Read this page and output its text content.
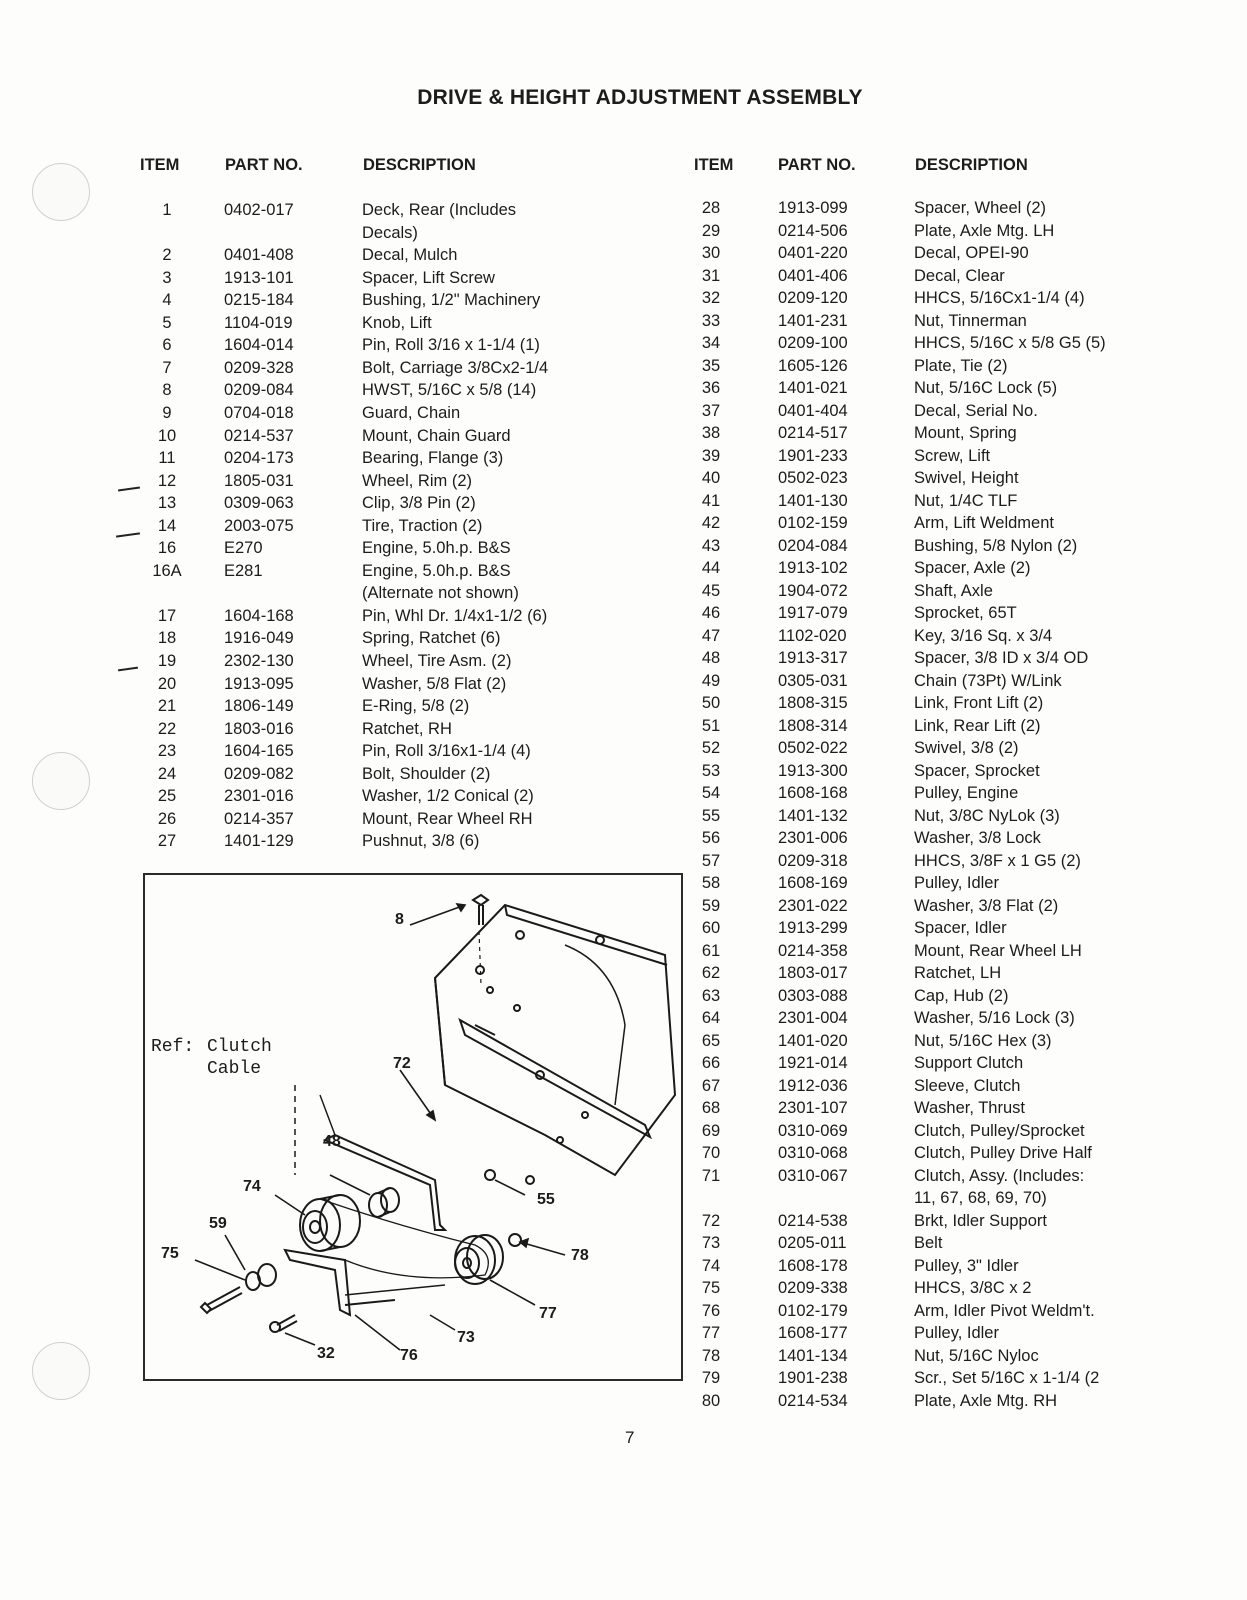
DRIVE & HEIGHT ADJUSTMENT ASSEMBLY
ITEM	PART NO.	DESCRIPTION	ITEM	PART NO.	DESCRIPTION
1	0402-017	Deck, Rear (Includes
Decals)
2	0401-408	Decal, Mulch
3	1913-101	Spacer, Lift Screw
4	0215-184	Bushing, 1/2" Machinery
5	1104-019	Knob, Lift
6	1604-014	Pin, Roll 3/16 x 1-1/4 (1)
7	0209-328	Bolt, Carriage 3/8Cx2-1/4
8	0209-084	HWST, 5/16C x 5/8 (14)
9	0704-018	Guard, Chain
10	0214-537	Mount, Chain Guard
11	0204-173	Bearing, Flange (3)
12	1805-031	Wheel, Rim (2)
13	0309-063	Clip, 3/8 Pin (2)
14	2003-075	Tire, Traction (2)
16	E270	Engine, 5.0h.p. B&S
16A	E281	Engine, 5.0h.p. B&S
(Alternate not shown)
17	1604-168	Pin, Whl Dr. 1/4x1-1/2 (6)
18	1916-049	Spring, Ratchet (6)
19	2302-130	Wheel, Tire Asm. (2)
20	1913-095	Washer, 5/8 Flat (2)
21	1806-149	E-Ring, 5/8 (2)
22	1803-016	Ratchet, RH
23	1604-165	Pin, Roll 3/16x1-1/4 (4)
24	0209-082	Bolt, Shoulder (2)
25	2301-016	Washer, 1/2 Conical (2)
26	0214-357	Mount, Rear Wheel RH
27	1401-129	Pushnut, 3/8 (6)
28	1913-099	Spacer, Wheel (2)
29	0214-506	Plate, Axle Mtg. LH
30	0401-220	Decal, OPEI-90
31	0401-406	Decal, Clear
32	0209-120	HHCS, 5/16Cx1-1/4 (4)
33	1401-231	Nut, Tinnerman
34	0209-100	HHCS, 5/16C x 5/8 G5 (5)
35	1605-126	Plate, Tie (2)
36	1401-021	Nut, 5/16C Lock (5)
37	0401-404	Decal, Serial No.
38	0214-517	Mount, Spring
39	1901-233	Screw, Lift
40	0502-023	Swivel, Height
41	1401-130	Nut, 1/4C TLF
42	0102-159	Arm, Lift Weldment
43	0204-084	Bushing, 5/8 Nylon (2)
44	1913-102	Spacer, Axle (2)
45	1904-072	Shaft, Axle
46	1917-079	Sprocket, 65T
47	1102-020	Key, 3/16 Sq. x 3/4
48	1913-317	Spacer, 3/8 ID x 3/4 OD
49	0305-031	Chain (73Pt) W/Link
50	1808-315	Link, Front Lift (2)
51	1808-314	Link, Rear Lift (2)
52	0502-022	Swivel, 3/8 (2)
53	1913-300	Spacer, Sprocket
54	1608-168	Pulley, Engine
55	1401-132	Nut, 3/8C NyLok (3)
56	2301-006	Washer, 3/8 Lock
57	0209-318	HHCS, 3/8F x 1 G5 (2)
58	1608-169	Pulley, Idler
59	2301-022	Washer, 3/8 Flat (2)
60	1913-299	Spacer, Idler
61	0214-358	Mount, Rear Wheel LH
62	1803-017	Ratchet, LH
63	0303-088	Cap, Hub (2)
64	2301-004	Washer, 5/16 Lock (3)
65	1401-020	Nut, 5/16C Hex (3)
66	1921-014	Support Clutch
67	1912-036	Sleeve, Clutch
68	2301-107	Washer, Thrust
69	0310-069	Clutch, Pulley/Sprocket
70	0310-068	Clutch, Pulley Drive Half
71	0310-067	Clutch, Assy. (Includes:
11, 67, 68, 69, 70)
72	0214-538	Brkt, Idler Support
73	0205-011	Belt
74	1608-178	Pulley, 3" Idler
75	0209-338	HHCS, 3/8C x 2
76	0102-179	Arm, Idler Pivot Weldm't.
77	1608-177	Pulley, Idler
78	1401-134	Nut, 5/16C Nyloc
79	1901-238	Scr., Set 5/16C x 1-1/4 (2
80	0214-534	Plate, Axle Mtg. RH
Ref: Clutch
Cable
8
72
48
74
55
59
75	78
77
73
32	76
7
